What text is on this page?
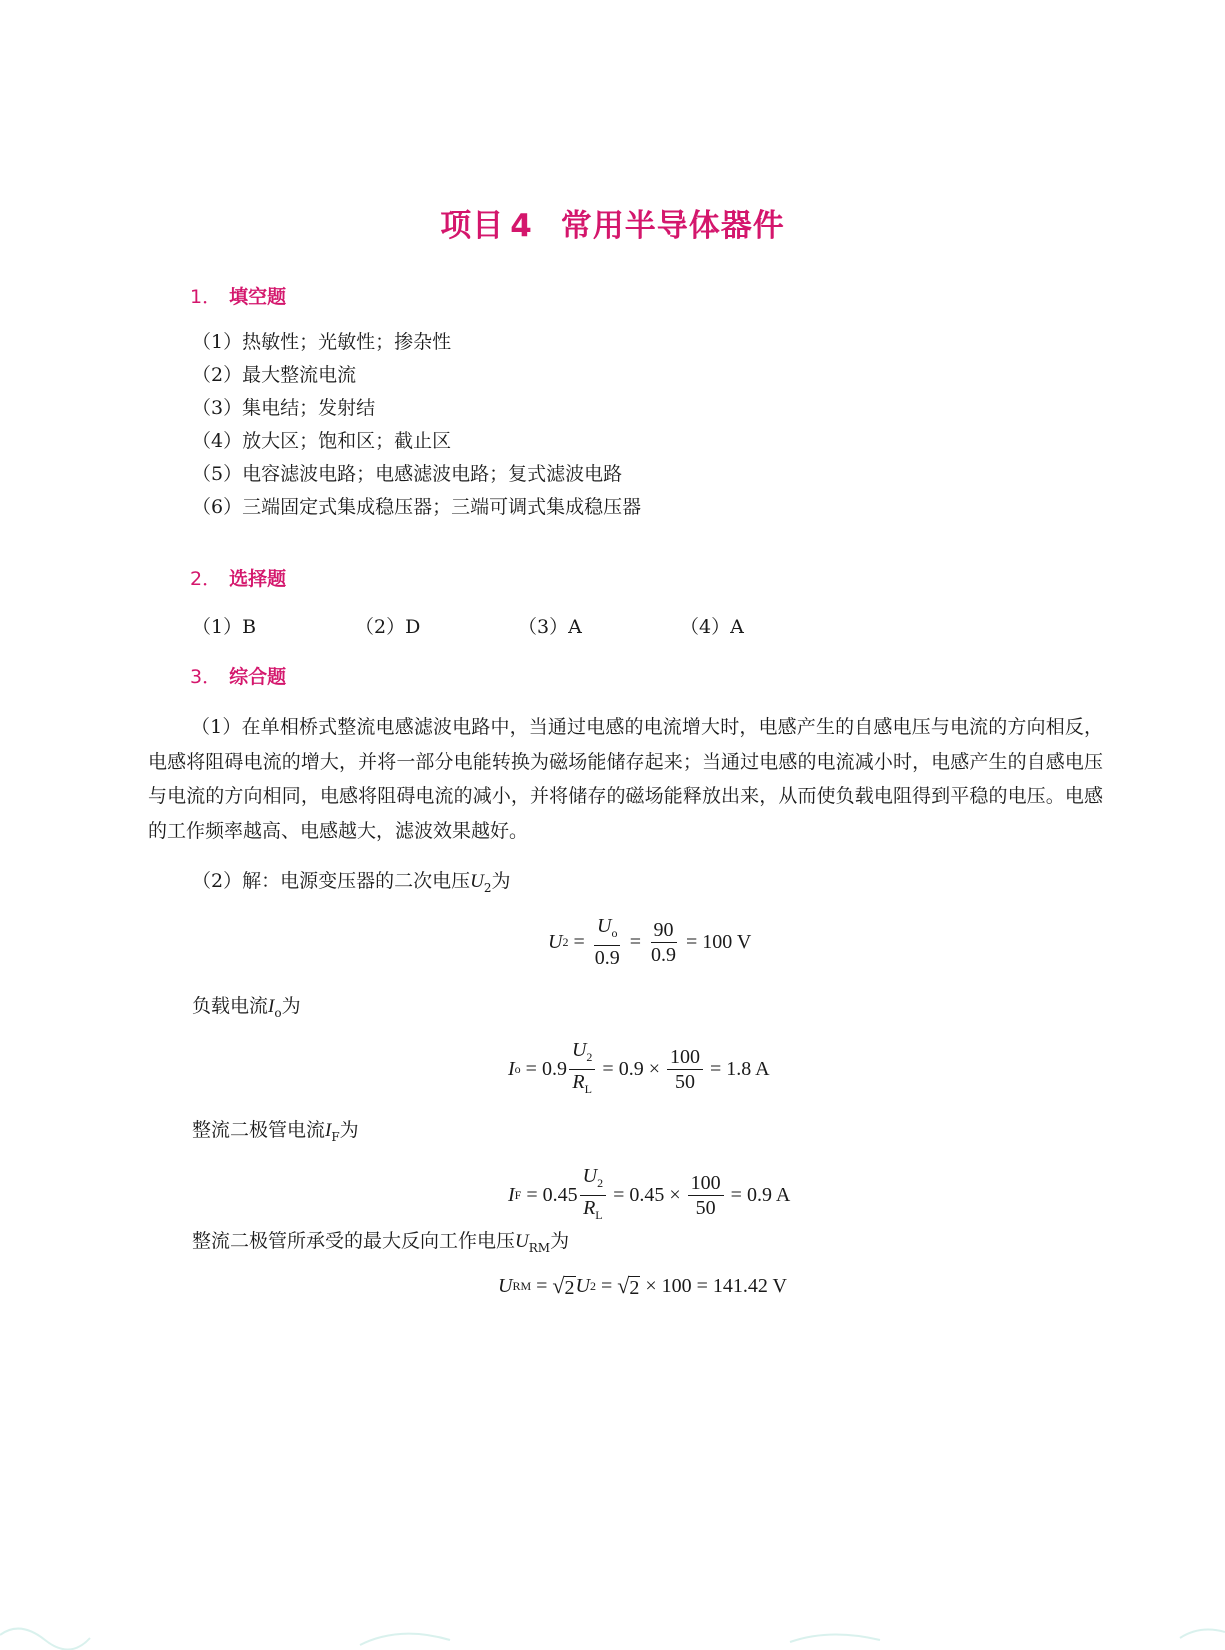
项目 4 常用半导体器件
1． 填空题
（1）热敏性；光敏性；掺杂性
（2）最大整流电流
（3）集电结；发射结
（4）放大区；饱和区；截止区
（5）电容滤波电路；电感滤波电路；复式滤波电路
（6）三端固定式集成稳压器；三端可调式集成稳压器
2． 选择题
（1）B	（2）D	（3）A	（4）A
3． 综合题
（1）在单相桥式整流电感滤波电路中，当通过电感的电流增大时，电感产生的自感电压与电流的方向相反，电感将阻碍电流的增大，并将一部分电能转换为磁场能储存起来；当通过电感的电流减小时，电感产生的自感电压与电流的方向相同，电感将阻碍电流的减小，并将储存的磁场能释放出来，从而使负载电阻得到平稳的电压。电感的工作频率越高、电感越大，滤波效果越好。
（2）解：电源变压器的二次电压$U_2$为
U $2 = \frac{U_o}{0.9} = \frac{90}{0.9} = 100$ V
负载电流$I_o$为
I $o = 0.9 \frac{U_2}{R_L} = 0.9 \times \frac{100}{50} = 1.8$ A
整流二极管电流$I_F$为
I $F = 0.45 \frac{U_2}{R_L} = 0.45 \times \frac{100}{50} = 0.9$ A
整流二极管所承受的最大反向工作电压$U_{RM}$为
U RM = √ 2 U 2 = √ 2 × 100 = 141.42 V
